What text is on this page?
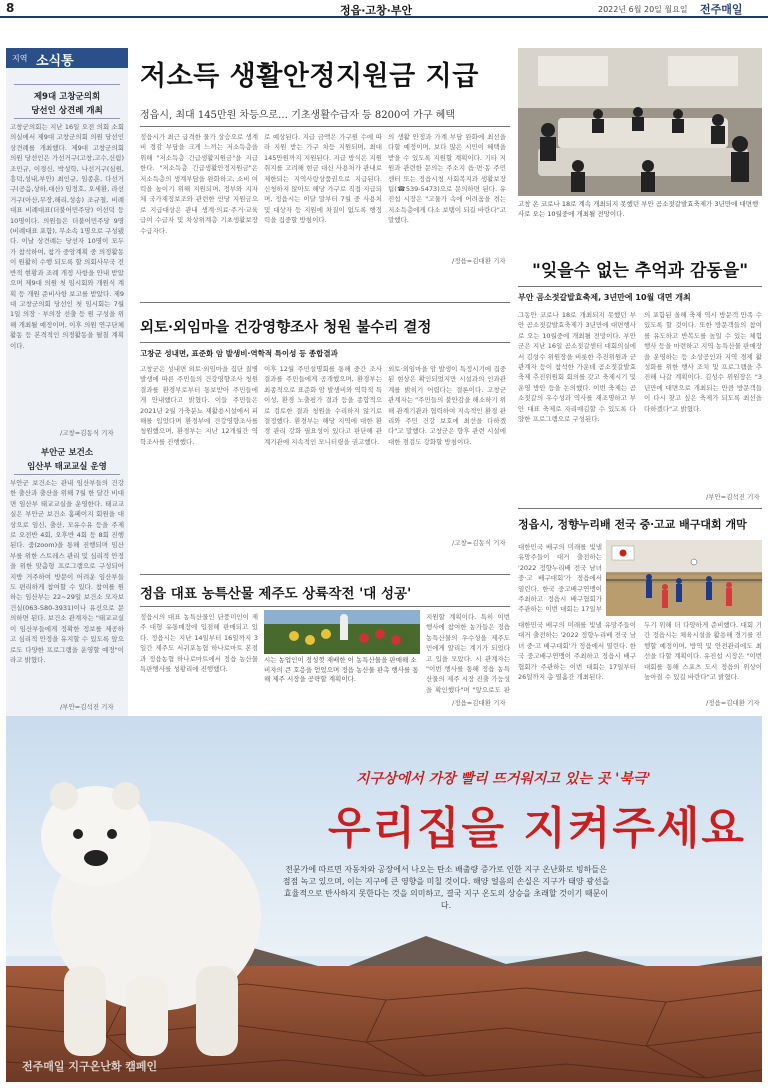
8	정읍·고창·부안	2022년 6월 20일 월요일 전주매일
지역 소식통
제9대 고창군의회
당선인 상견례 개최
고창군의회는 지난 16일 오전 의회 소회의실에서 제9대 고창군의회 의원 당선인 상견례를 개최했다. 제9대 고창군의회 의원 당선인은 가선거구(고창,고수,신림) 조민규, 이경신, 박성학, 나선거구(심원,흥덕,성내,부안) 최인규, 임종훈, 다선거구(공음,상하,대산) 임정호, 오세환, 라선거구(아산,무장,해리,성송) 조규철, 비례대표 비례대표(더불어민주당) 이선덕 등 10명이다. 의원들은 더불어민주당 9명(비례대표 포함), 무소속 1명으로 구성됐다. 이날 상견례는 당선자 10명이 모두가 참석하여, 참가 중앙계획 중 의정활동이 원활히 수행 되도록 할 의회사무국 전반적 현황과 조례 개정 사항을 안내 받았으며 제9대 의원 첫 임시회와 개원식 계획 등 개원 준비사항 보고를 받았다. 제9대 고창군의회 당선인 첫 임시회는 7월 1일 의장 · 부의장 선출 등 원 구성을 위해 개최될 예정이며, 이후 의원 연구단체 활동 등 본격적인 의정활동을 펼칠 계획이다.
/고창=김동식 기자
부안군 보건소
임산부 태교교실 운영
부안군 보건소는 관내 임산부들의 건강한 출산과 출산을 위해 7월 한 달간 비대면 임산부 태교교실을 운영한다. 태교교실은 부안군 보건소 홈페이지 회원을 대상으로 임신, 출산, 모유수유 등을 주제로 오전반 4회, 오후반 4회 등 8회 진행된다. 줌(zoom)을 통해 진행되며 임산부를 위한 스트레스 관리 및 심리적 안정을 위한 맞춤형 프로그램으로 구성되어 지방 거주하여 방문이 어려운 임산부들도 편리하게 참여할 수 있다. 참여를 원하는 임산부는 22~29일 보건소 모자보건실(063-580-3931)이나 유선으로 문의하면 된다. 보건소 관계자는 "태교교실이 임산부들에게 정확한 정보를 제공하고 심리적 안정을 유지할 수 있도록 앞으로도 다양한 프로그램을 운영할 예정"이라고 밝혔다.
/부안=김석진 기자
저소득 생활안정지원금 지급
정읍시, 최대 145만원 차등으로… 기초생활수급자 등 8200여 가구 혜택
정읍시가 최근 급격한 물가 상승으로 생계비 경감 부담을 크게 느끼는 저소득층을 위해 "저소득층 긴급생활지원금"을 지급한다. "저소득층 긴급생활안정지원금"은 저소득층의 생계부담을 완화하고, 소비 여력을 높이기 위해 지원되며, 정부와 지자체 국가재정보조와 관련한 인당 지원금으로 지급대상은 관내 생계·의료·주거·교육 급여 수급자 및 차상위계층 기초생활보장 수급자다.
로 예상된다. 지급 금액은 가구원 수에 따라 지원 받는 가구 차등 지원되며, 최대 145만원까지 지원된다. 지급 방식은 지원 취지를 고려해 현금 대신 사용처가 관내로 제한되는 지역사랑상품권으로 지급된다. 신청하지 않아도 해당 가구로 직접 지급되며, 정읍시는 이달 말부터 7월 중 사용처 및 대상자 등 지원에 차질이 없도록 행정력을 집중할 방침이다.
의 생활 안정과 가계 부담 완화에 최선을 다할 예정이며, 보다 많은 시민이 혜택을 받을 수 있도록 지원할 계획이다. 기타 지원과 관련한 문의는 주소지 읍·면·동 주민센터 또는 정읍시청 사회복지과 생활보장팀(☎539-5473)으로 문의하면 된다. 유진섭 시장은 "고물가 속에 어려움을 겪는 저소득층에게 다소 보탬이 되길 바란다"고 말했다.
/정읍=김대환 기자
고창 온 코로나 18로 계속 개최되지 못했던 부안 곰소젓갈발효축제가 3년만에 대면행사로 오는 10월중에 개최될 전망이다.
"잊을수 없는 추억과 감동을"
부안 곰소젓갈발효축제, 3년만에 10월 대면 개최
그동안 코로나 18로 개최되지 못했던 부안 곰소젓갈발효축제가 3년만에 대면행사로 오는 10월중에 개최될 전망이다. 부안군은 지난 16일 곰소젓갈센터 대회의실에서 김성수 위원장을 비롯한 추진위원과 군 관계자 등이 참석한 가운데 곰소젓갈발효축제 추진위원회 회의를 갖고 축제시기 및 운영 방안 등을 논의했다. 이번 축제는 곰소젓갈의 우수성과 역사를 재조명하고 부안 대표 축제로 자리매김할 수 있도록 다양한 프로그램으로 구성된다.
의 포함된 올해 축제 역시 방문객 만족 수 있도록 할 것이다. 또한 방문객들의 참여를 유도하고 반복도를 높일 수 있는 체험행사 등을 마련하고 지역 농특산물 판매장을 운영하는 등 소상공인과 지역 경제 활성화를 위한 행사 조치 및 프로그램을 추진해 나갈 계획이다. 김성수 위원장은 "3년만에 대면으로 개최되는 만큼 방문객들이 다시 찾고 싶은 축제가 되도록 최선을 다하겠다"고 밝혔다.
/부안=김석진 기자
외토·외임마을 건강영향조사 청원 불수리 결정
고창군 성내면, 표준화 암 발생비·역학적 특이성 등 종합결과
고창군은 성내면 외토·외임마을 집단 질병 발생에 따른 주민들의 건강영향조사 청원 결과를 환경부로부터 통보받아 주민들에게 안내했다고 밝혔다. 이들 주민들은 2021년 2월 가축분뇨 재활용시설에서 피해를 입었다며 환경부에 건강영향조사를 청원했으며, 환경부는 지난 12개월간 역학조사를 진행했다.
이후 12월 주민설명회를 통해 중간 조사결과를 주민들에게 공개했으며, 환경부는 최종적으로 표준화 암 발생비와 역학적 특이성, 환경 노출평가 결과 등을 종합적으로 검토한 결과 청원을 수리하지 않기로 결정했다. 환경부는 해당 지역에 대한 환경 관리 강화 필요성이 있다고 판단해 관계기관에 지속적인 모니터링을 권고했다.
외토·외임마을 암 발생이 특정시기에 집중된 현상은 확인되었지만 시설과의 인과관계를 밝히기 어렵다는 결론이다. 고창군 관계자는 "주민들의 불안감을 해소하기 위해 관계기관과 협력하여 지속적인 환경 관리와 주민 건강 보호에 최선을 다하겠다"고 말했다. 고창군은 향후 관련 시설에 대한 점검도 강화할 방침이다.
/고창=김동식 기자
정읍시, 정향누리배 전국 중·고교 배구대회 개막
대한민국 배구의 미래를 빛낼 유망주들이 대거 출전하는 '2022 정향누리배 전국 남녀 중·고 배구대회'가 정읍에서 열린다. 한국 중고배구연맹이 주최하고 정읍시 배구협회가 주관하는 이번 대회는 17일부
대한민국 배구의 미래를 빛낼 유망주들이 대거 출전하는 '2022 정향누리배 전국 남녀 중·고 배구대회'가 정읍에서 열린다. 한국 중고배구연맹이 주최하고 정읍시 배구협회가 주관하는 이번 대회는 17일부터 26일까지 총 열흘간 개최된다.
두기 위해 더 다양하게 준비했다. 대회 기간 정읍시는 체육시설을 활용해 경기를 진행할 예정이며, 방역 및 안전관리에도 최선을 다할 계획이다. 유진섭 시장은 "이번 대회를 통해 스포츠 도시 정읍의 위상이 높아질 수 있길 바란다"고 밝혔다.
/정읍=김대환 기자
정읍 대표 농특산물 제주도 상륙작전 '대 성공'
정읍시의 대표 농특산물인 단풍미인이 제주 대형 유통매장에 입점해 판매되고 있다. 정읍시는 지난 14일부터 16일까지 3일간 제주도 서귀포농협 하나로마트 본점과 정읍농협 하나로마트에서 정읍 농산물 특판행사를 성황리에 진행했다.
시는 농업인이 정성껏 재배한 이 농특산물을 판매해 소비자의 큰 호응을 얻었으며 정읍 농산물 판촉 행사를 통해 제주 시장을 공략할 계획이다.
지원할 계획이다. 특히 이번 행사에 참여한 농가들은 정읍 농특산물의 우수성을 제주도민에게 알리는 계기가 되었다고 입을 모았다. 시 관계자는 "이번 행사를 통해 정읍 농특산물의 제주 시장 진출 가능성을 확인했다"며 "앞으로도 판
/정읍=김대환 기자
지구상에서 가장 빨리 뜨거워지고 있는 곳 '북극'
우리집을 지켜주세요
전문가에 따르면 자동차와 공장에서 나오는 탄소 배출량 증가로 인한 지구 온난화로 빙하들은 점점 녹고 있으며, 이는 지구에 큰 영향을 미칠 것이다. 해양 얼음의 손실은 지구가 태양 광선을 효율적으로 반사하지 못한다는 것을 의미하고, 결국 지구 온도의 상승을 초래할 것이기 때문이다.
전주매일 지구온난화 캠페인
